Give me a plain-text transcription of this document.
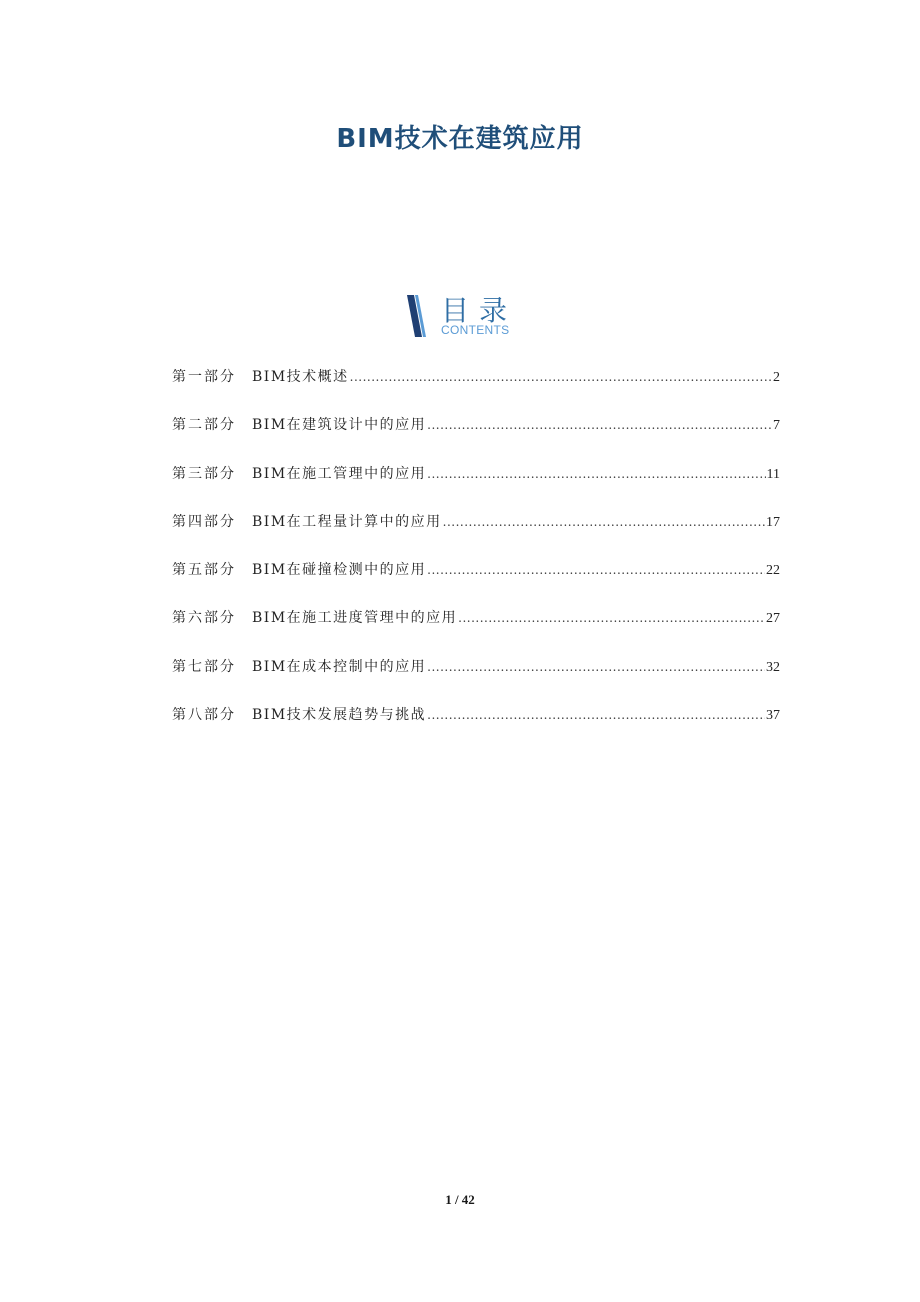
BIM技术在建筑应用
目录
CONTENTS
第一部分	BIM技术概述 .....	2
第二部分	BIM在建筑设计中的应用 .....	7
第三部分	BIM在施工管理中的应用 .....	11
第四部分	BIM在工程量计算中的应用 .....	17
第五部分	BIM在碰撞检测中的应用 .....	22
第六部分	BIM在施工进度管理中的应用 .....	27
第七部分	BIM在成本控制中的应用 .....	32
第八部分	BIM技术发展趋势与挑战 .....	37
1 / 42
